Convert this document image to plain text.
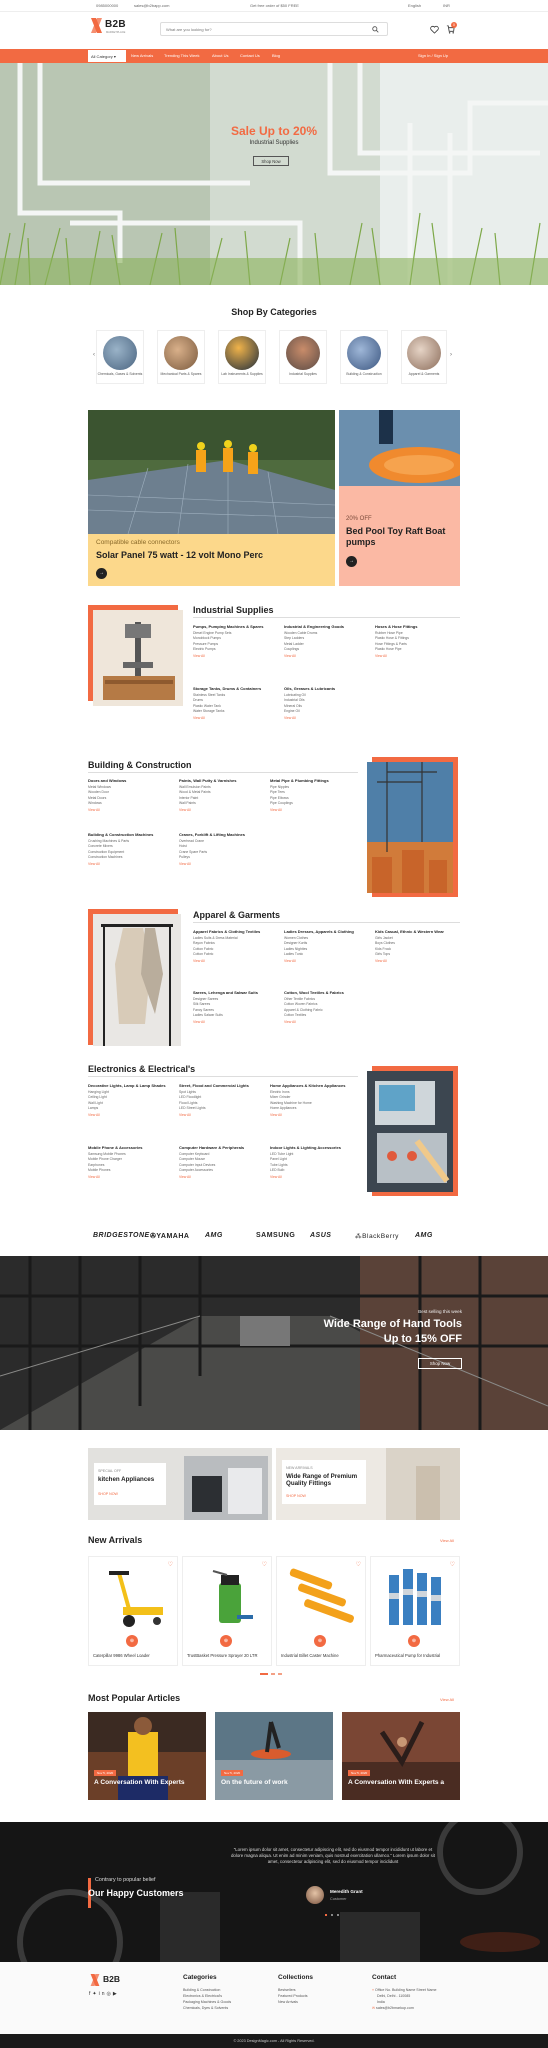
0985000000	sales@b2bapp.com	Get free order of $50 FREE	English	INR
B2B
MARKETPLACE
What are you looking for?
0
All Category ▾	New Arrivals	Trending This Week	About Us	Contact Us	Blog	Sign In / Sign Up
Sale Up to 20%
Industrial Supplies
Shop Now
Shop By Categories
‹	›
Chemicals, Gases & Solvents	Mechanical Parts & Spares	Lab Instruments & Supplies	Industrial Supplies	Building & Construction	Apparel & Garments
Compatible cable connectors
Solar Panel 75 watt - 12 volt Mono Perc
→
20% OFF
Bed Pool Toy Raft Boat pumps
→
Industrial Supplies
Building & Construction
Apparel & Garments
Electronics & Electrical's
BRIDGESTONE ✇YAMAHA AMG	SAMSUNG ASUS	⁂BlackBerry AMG
Best selling this week
Wide Range of Hand Tools
Up to 15% OFF
Shop Now
SPECIAL OFF
kitchen Appliances
SHOP NOW
NEW ARRIVALS
Wide Range of Premium Quality Fittings
SHOP NOW
New Arrivals	View All
♡
⊕
Caterpillar 9986 Wheel Loader
♡
⊕
TrustBasket Pressure Sprayer 20 LTR
♡
⊕
Industrial Billet Caster Machine
♡
⊕
Pharmaceutical Pump for Industrial
Most Popular Articles	View All
Nov 5, 2020
A Conversation With Experts
Nov 5, 2020
On the future of work
Nov 5, 2020
A Conversation With Experts a
Contrary to popular belief
Our Happy Customers
“Lorem ipsum dolor sit amet, consectetur adipiscing elit, sed do eiusmod tempor incididunt ut labore et dolore magna aliqua. Ut enim ad minim veniam, quis nostrud exercitation ullamco.” Lorem ipsum dolor sit amet, consectetur adipiscing elit, sed do eiusmod tempor incididunt
Meredith Grant
Customer
B2B
f✦in◎▶
Categories
Building & Construction
Electronics & Electrical's
Packaging Machines & Goods
Chemicals, Dyes & Solvents
Collections
Bestsellers
Featured Products
New Arrivals
Contact
⌖ Office No. Building Name Street Name
Delhi, Delhi - 110085
India
✉ sales@b2bmarkup.com
© 2023 DesignMagic.com - All Rights Reserved.
Pumps, Pumping Machines & Spares
Diesel Engine Pump Sets
Monoblock Pumps
Pressure Pumps
Electric Pumps
View All
Industrial & Engineering Goods
Wooden Cable Drums
Step Ladders
Metal Ladder
Couplings
View All
Hoses & Hose Fittings
Rubber Hose Pipe
Plastic Hose & Fittings
Hose Fittings & Parts
Plastic Hose Pipe
View All
Storage Tanks, Drums & Containers
Stainless Steel Tanks
Drums
Plastic Water Tank
Water Storage Tanks
View All
Oils, Greases & Lubricants
Lubricating Oil
Industrial Oils
Mineral Oils
Engine Oil
View All
Doors and Windows
Metal Windows
Wooden Door
Metal Doors
Windows
View All
Paints, Wall Putty & Varnishes
Wall Emulsion Paints
Wood & Metal Paints
Interior Paint
Wall Paints
View All
Metal Pipe & Plumbing Fittings
Pipe Nipples
Pipe Tees
Pipe Elbows
Pipe Couplings
View All
Building & Construction Machines
Crushing Machines & Parts
Concrete Mixers
Construction Equipment
Construction Machines
View All
Cranes, Forklift & Lifting Machines
Overhead Crane
Hoist
Crane Spare Parts
Pulleys
View All
Apparel Fabrics & Clothing Textiles
Ladies Suits & Dress Material
Rayon Fabrics
Cotton Fabric
Cotton Fabric
View All
Ladies Dresses, Apparels & Clothing
Women Clothes
Designer Kurtis
Ladies Nighties
Ladies Tunic
View All
Kids Casual, Ethnic & Western Wear
Girls Jacket
Boys Clothes
Kids Frock
Girls Tops
View All
Sarees, Lehenga and Salwar Suits
Designer Sarees
Silk Sarees
Fancy Sarees
Ladies Salwar Suits
View All
Cotton, Wool Textiles & Fabrics
Other Textile Fabrics
Cotton Woven Fabrics
Apparel & Clothing Fabric
Cotton Textiles
View All
Decorative Lights, Lamp & Lamp Shades
Hanging Light
Ceiling Light
Wall Light
Lamps
View All
Street, Flood and Commercial Lights
Spot Lights
LED Floodlight
Flood Lights
LED Street Lights
View All
Home Appliances & Kitchen Appliances
Electric Irons
Mixer Grinder
Washing Machine for Home
Home Appliances
View All
Mobile Phone & Accessories
Samsung Mobile Phones
Mobile Phone Charger
Earphones
Mobile Phones
View All
Computer Hardware & Peripherals
Computer Keyboard
Computer Mouse
Computer Input Devices
Computer Accessories
View All
Indoor Lights & Lighting Accessories
LED Tube Light
Panel Light
Tube Lights
LED Bulb
View All
